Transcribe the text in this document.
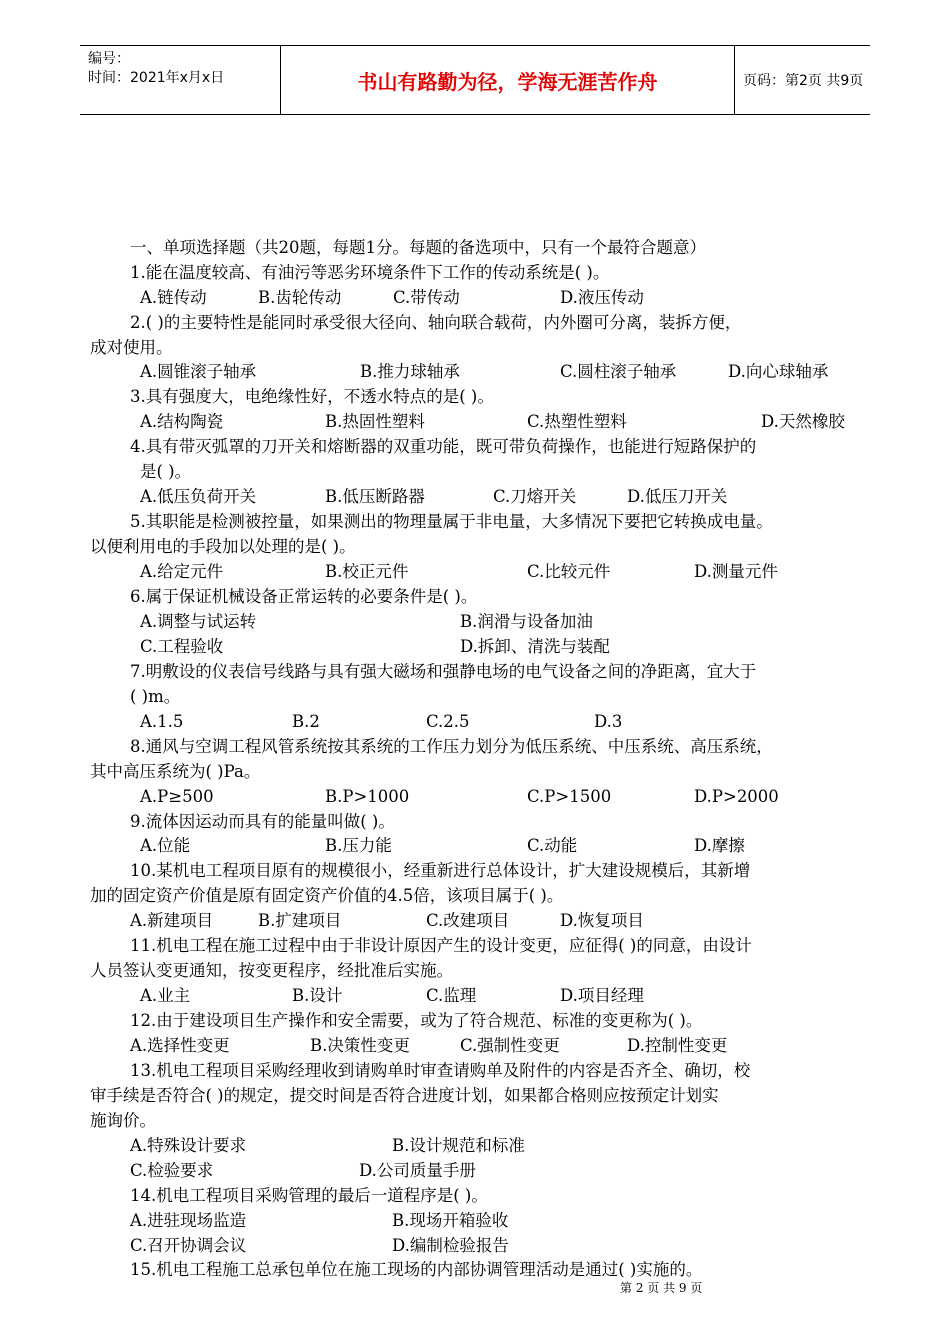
编号：
时间：2021年x月x日	书山有路勤为径，学海无涯苦作舟	页码：第2页 共9页
一、单项选择题（共20题，每题1分。每题的备选项中，只有一个最符合题意）
1.能在温度较高、有油污等恶劣环境条件下工作的传动系统是( )。
A.链传动	B.齿轮传动	C.带传动	D.液压传动
2.( )的主要特性是能同时承受很大径向、轴向联合载荷，内外圈可分离，装拆方便，
成对使用。
A.圆锥滚子轴承	B.推力球轴承	C.圆柱滚子轴承	D.向心球轴承
3.具有强度大，电绝缘性好，不透水特点的是( )。
A.结构陶瓷	B.热固性塑料	C.热塑性塑料	D.天然橡胶
4.具有带灭弧罩的刀开关和熔断器的双重功能，既可带负荷操作，也能进行短路保护的
是( )。
A.低压负荷开关	B.低压断路器	C.刀熔开关	D.低压刀开关
5.其职能是检测被控量，如果测出的物理量属于非电量，大多情况下要把它转换成电量。
以便利用电的手段加以处理的是( )。
A.给定元件	B.校正元件	C.比较元件	D.测量元件
6.属于保证机械设备正常运转的必要条件是( )。
A.调整与试运转	B.润滑与设备加油
C.工程验收	D.拆卸、清洗与装配
7.明敷设的仪表信号线路与具有强大磁场和强静电场的电气设备之间的净距离，宜大于
( )m。
A.1.5	B.2	C.2.5	D.3
8.通风与空调工程风管系统按其系统的工作压力划分为低压系统、中压系统、高压系统，
其中高压系统为( )Pa。
A.P≥500	B.P>1000	C.P>1500	D.P>2000
9.流体因运动而具有的能量叫做( )。
A.位能	B.压力能	C.动能	D.摩擦
10.某机电工程项目原有的规模很小，经重新进行总体设计，扩大建设规模后，其新增
加的固定资产价值是原有固定资产价值的4.5倍，该项目属于( )。
A.新建项目	B.扩建项目	C.改建项目	D.恢复项目
11.机电工程在施工过程中由于非设计原因产生的设计变更，应征得( )的同意，由设计
人员签认变更通知，按变更程序，经批准后实施。
A.业主	B.设计	C.监理	D.项目经理
12.由于建设项目生产操作和安全需要，或为了符合规范、标准的变更称为( )。
A.选择性变更	B.决策性变更	C.强制性变更	D.控制性变更
13.机电工程项目采购经理收到请购单时审查请购单及附件的内容是否齐全、确切，校
审手续是否符合( )的规定，提交时间是否符合进度计划，如果都合格则应按预定计划实
施询价。
A.特殊设计要求	B.设计规范和标准
C.检验要求	D.公司质量手册
14.机电工程项目采购管理的最后一道程序是( )。
A.进驻现场监造	B.现场开箱验收
C.召开协调会议	D.编制检验报告
15.机电工程施工总承包单位在施工现场的内部协调管理活动是通过( )实施的。
第 2 页 共 9 页
